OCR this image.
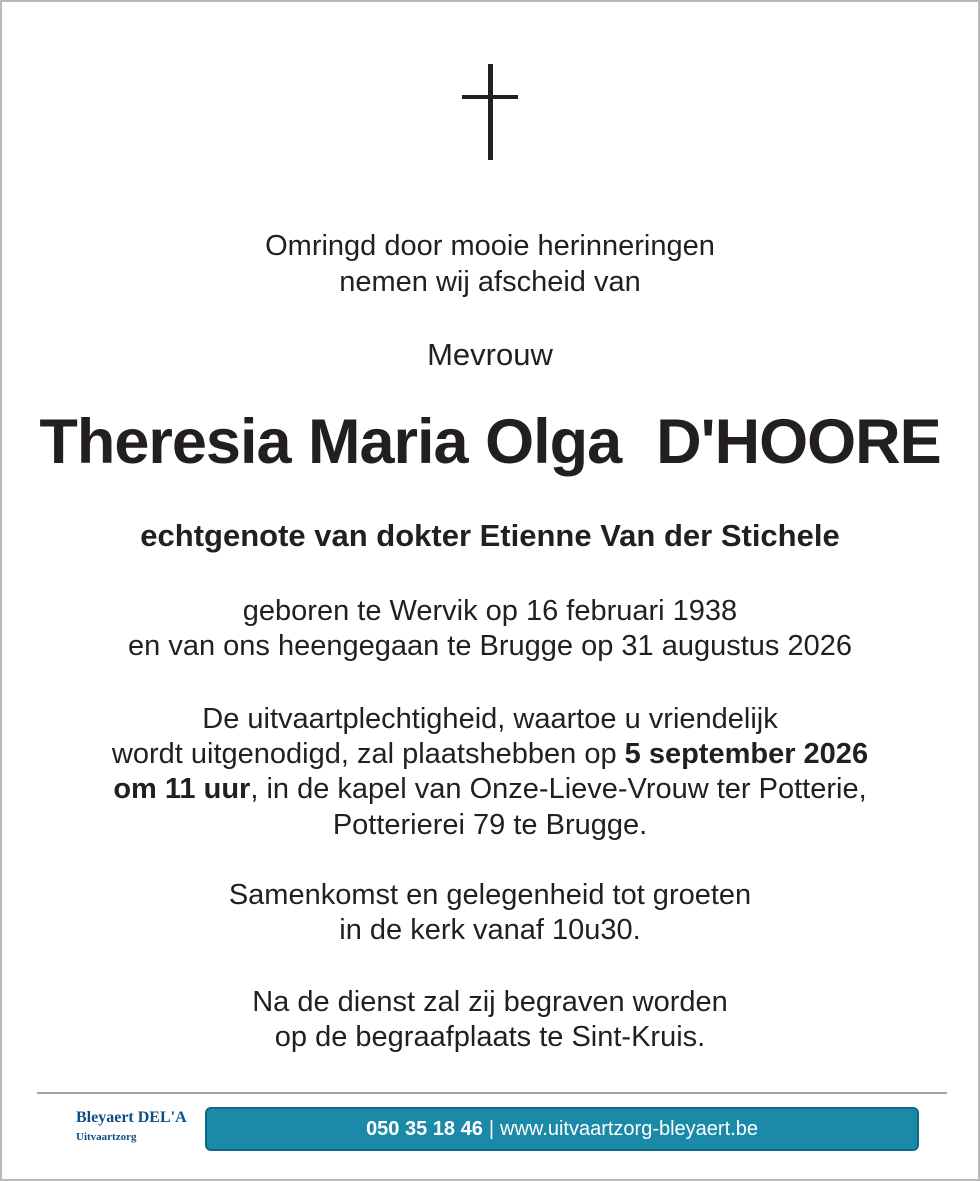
Omringd door mooie herinneringen
nemen wij afscheid van
Mevrouw
Theresia Maria Olga  D'HOORE
echtgenote van dokter Etienne Van der Stichele
geboren te Wervik op 16 februari 1938
en van ons heengegaan te Brugge op 31 augustus 2026
De uitvaartplechtigheid, waartoe u vriendelijk
wordt uitgenodigd, zal plaatshebben op 5 september 2026
om 11 uur, in de kapel van Onze-Lieve-Vrouw ter Potterie,
Potterierei 79 te Brugge.
Samenkomst en gelegenheid tot groeten
in de kerk vanaf 10u30.
Na de dienst zal zij begraven worden
op de begraafplaats te Sint-Kruis.
Bleyaert DEL'A
Uitvaartzorg	050 35 18 46 | www.uitvaartzorg-bleyaert.be
